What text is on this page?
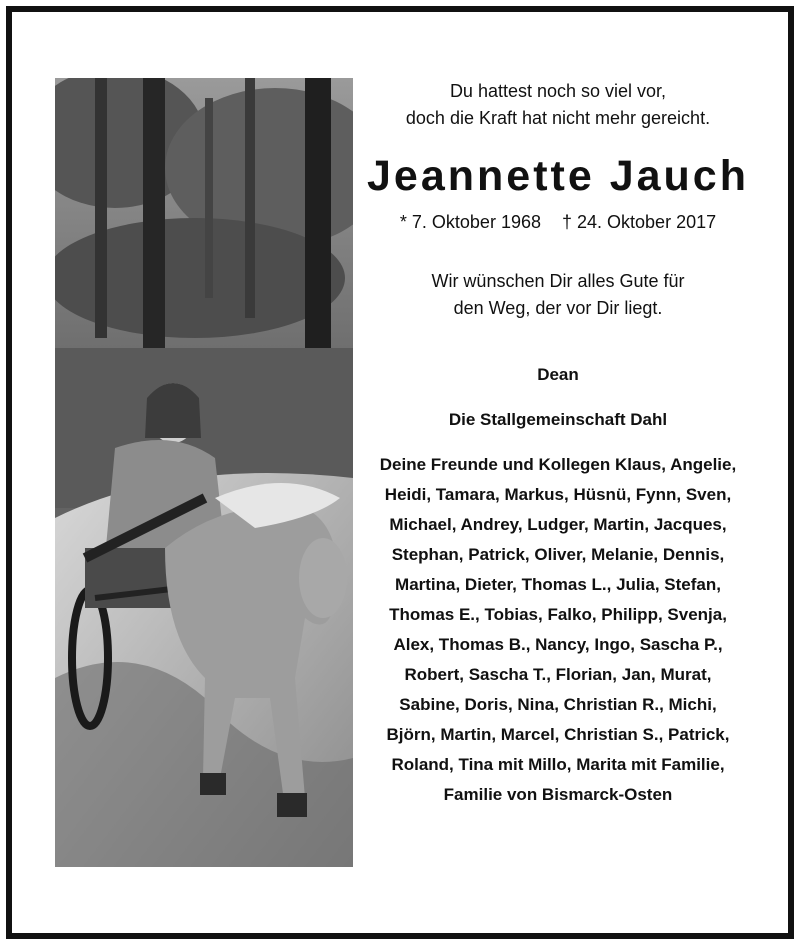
Du hattest noch so viel vor,
doch die Kraft hat nicht mehr gereicht.
Jeannette Jauch
* 7. Oktober 1968 † 24. Oktober 2017
Wir wünschen Dir alles Gute für
den Weg, der vor Dir liegt.
Dean
Die Stallgemeinschaft Dahl
Deine Freunde und Kollegen Klaus, Angelie,
Heidi, Tamara, Markus, Hüsnü, Fynn, Sven,
Michael, Andrey, Ludger, Martin, Jacques,
Stephan, Patrick, Oliver, Melanie, Dennis,
Martina, Dieter, Thomas L., Julia, Stefan,
Thomas E., Tobias, Falko, Philipp, Svenja,
Alex, Thomas B., Nancy, Ingo, Sascha P.,
Robert, Sascha T., Florian, Jan, Murat,
Sabine, Doris, Nina, Christian R., Michi,
Björn, Martin, Marcel, Christian S., Patrick,
Roland, Tina mit Millo, Marita mit Familie,
Familie von Bismarck-Osten
